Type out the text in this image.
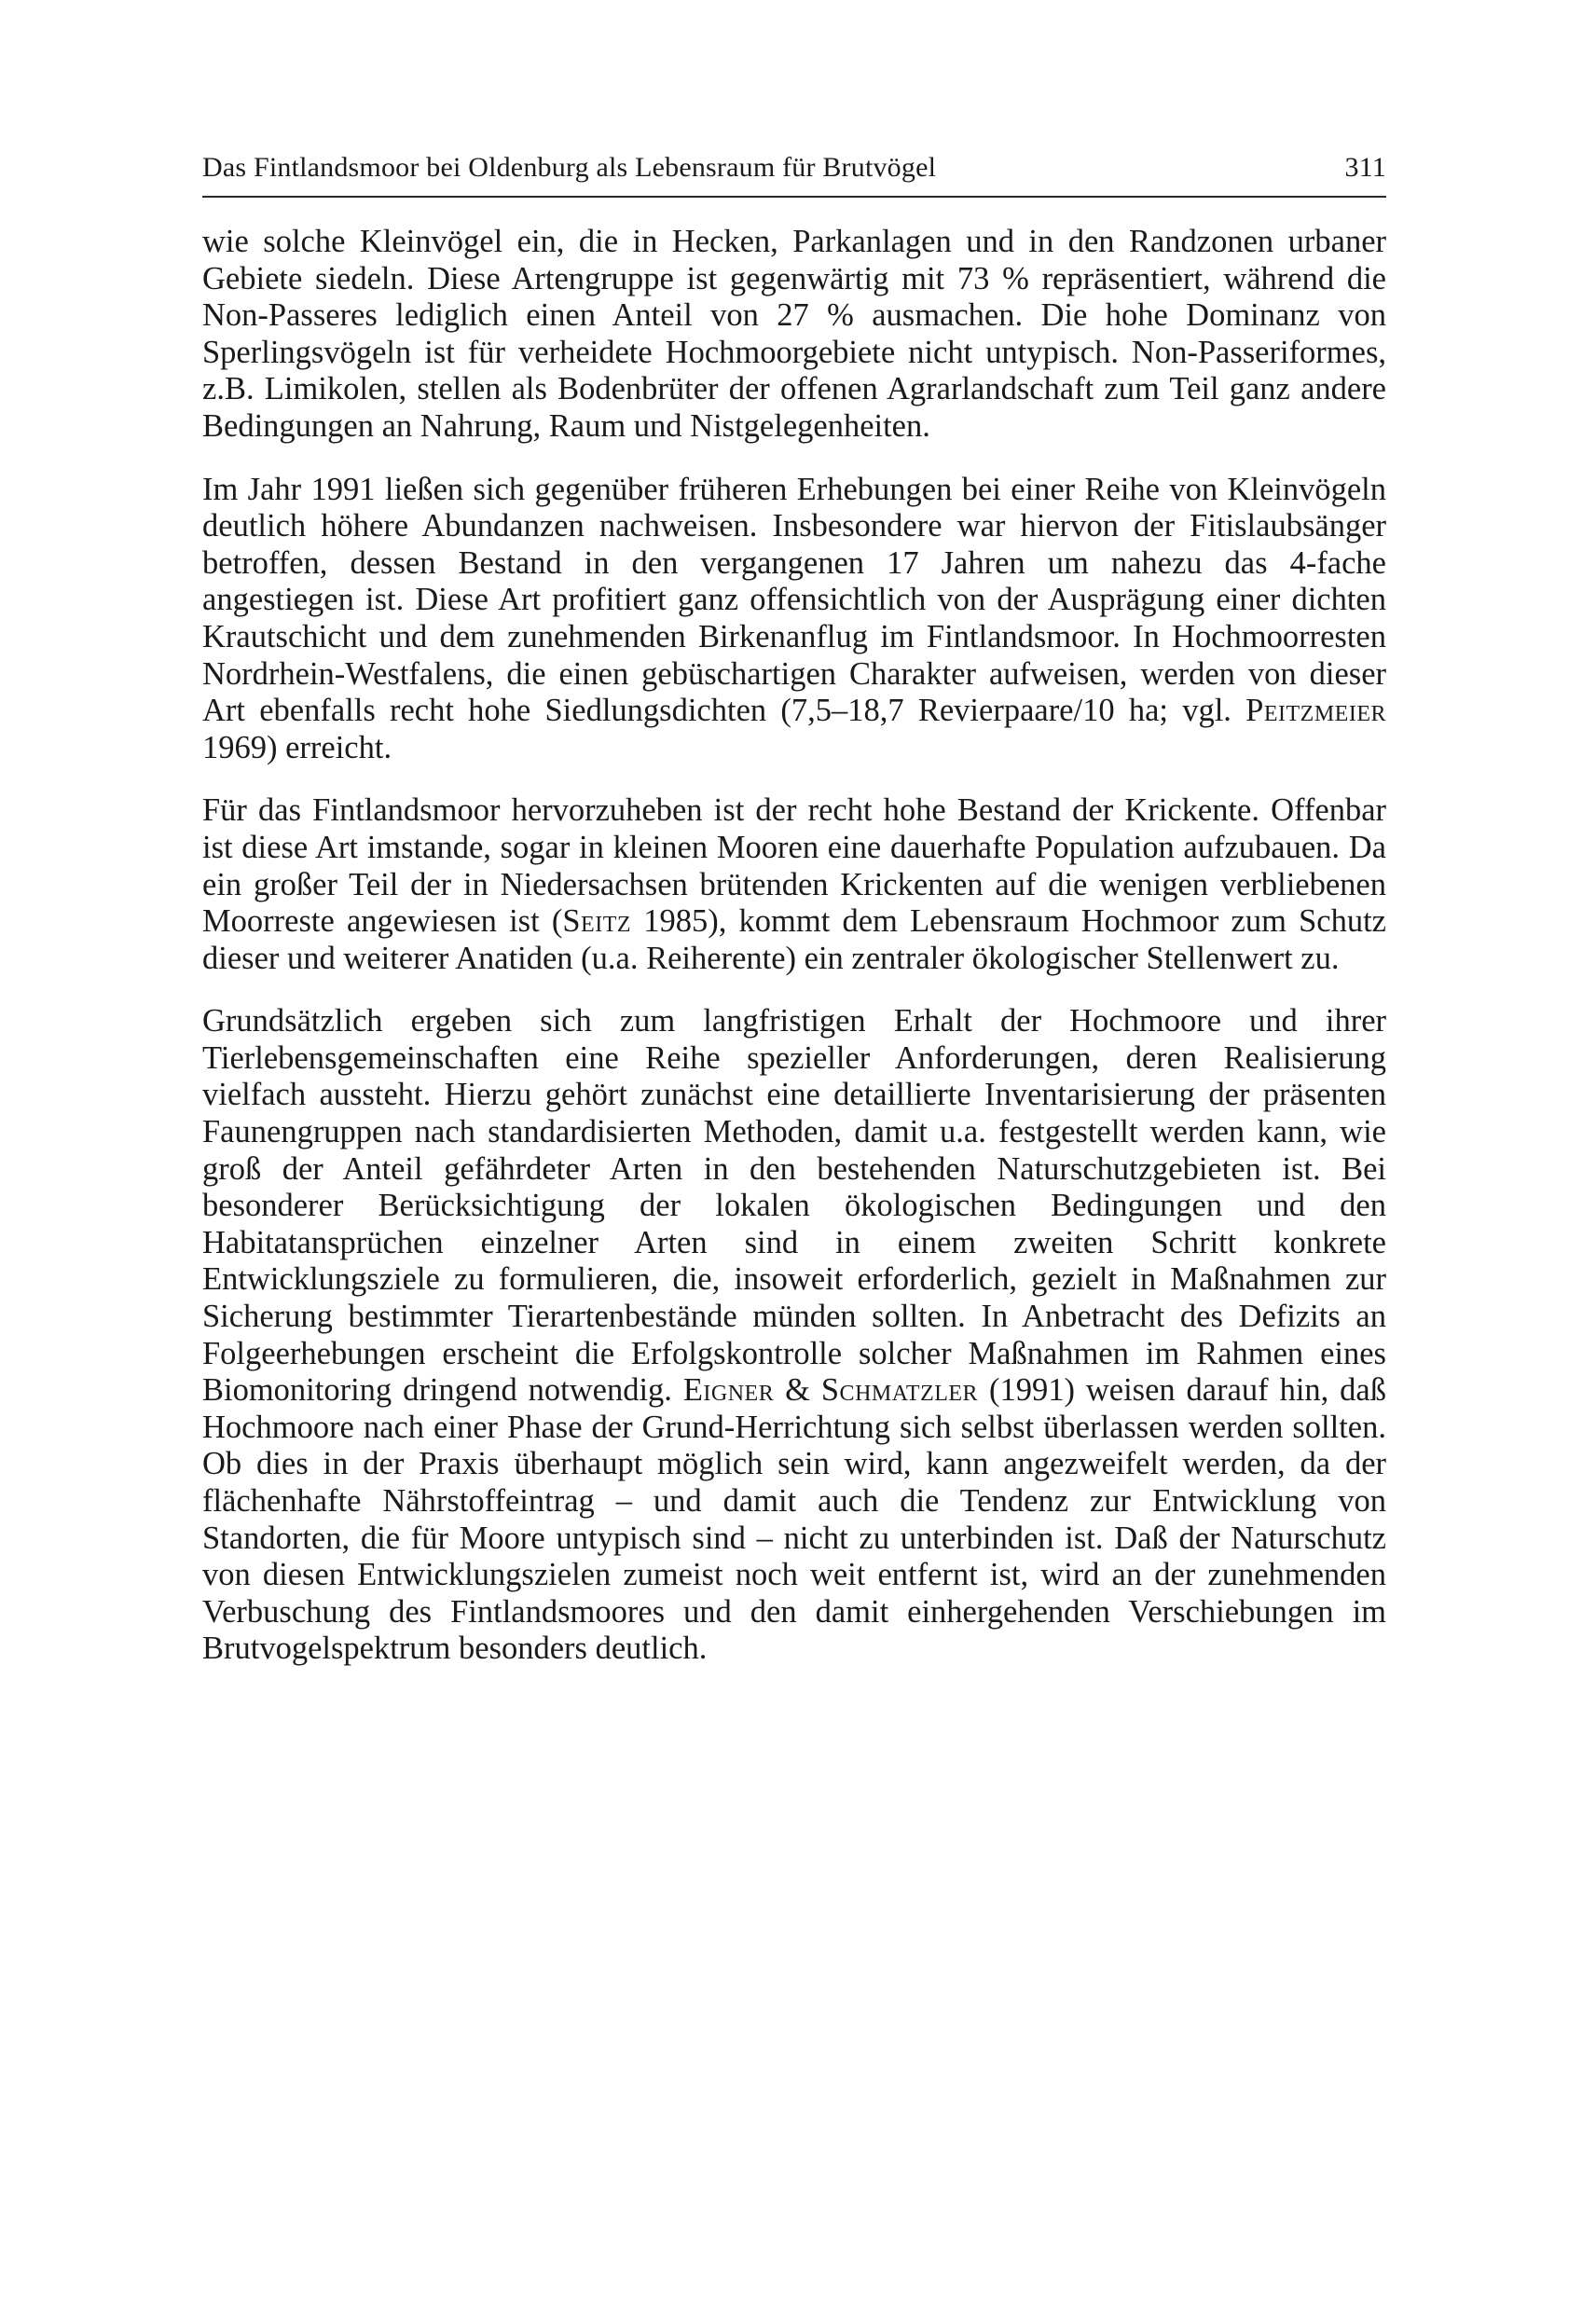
Das Fintlandsmoor bei Oldenburg als Lebensraum für Brutvögel	311

wie solche Kleinvögel ein, die in Hecken, Parkanlagen und in den Randzonen urbaner Gebiete siedeln. Diese Artengruppe ist gegenwärtig mit 73 % repräsentiert, während die Non-Passeres lediglich einen Anteil von 27 % ausmachen. Die hohe Dominanz von Sperlingsvögeln ist für verheidete Hochmoorgebiete nicht untypisch. Non-Passeriformes, z.B. Limikolen, stellen als Bodenbrüter der offenen Agrarlandschaft zum Teil ganz andere Bedingungen an Nahrung, Raum und Nistgelegenheiten.

Im Jahr 1991 ließen sich gegenüber früheren Erhebungen bei einer Reihe von Kleinvögeln deutlich höhere Abundanzen nachweisen. Insbesondere war hiervon der Fitislaubsänger betroffen, dessen Bestand in den vergangenen 17 Jahren um nahezu das 4-fache angestiegen ist. Diese Art profitiert ganz offensichtlich von der Ausprägung einer dichten Krautschicht und dem zunehmenden Birkenanflug im Fintlandsmoor. In Hochmoorresten Nordrhein-Westfalens, die einen gebüschartigen Charakter aufweisen, werden von dieser Art ebenfalls recht hohe Siedlungsdichten (7,5–18,7 Revierpaare/10 ha; vgl. Peitzmeier 1969) erreicht.

Für das Fintlandsmoor hervorzuheben ist der recht hohe Bestand der Krickente. Offenbar ist diese Art imstande, sogar in kleinen Mooren eine dauerhafte Population aufzubauen. Da ein großer Teil der in Niedersachsen brütenden Krickenten auf die wenigen verbliebenen Moorreste angewiesen ist (Seitz 1985), kommt dem Lebensraum Hochmoor zum Schutz dieser und weiterer Anatiden (u.a. Reiherente) ein zentraler ökologischer Stellenwert zu.

Grundsätzlich ergeben sich zum langfristigen Erhalt der Hochmoore und ihrer Tierlebensgemeinschaften eine Reihe spezieller Anforderungen, deren Realisierung vielfach aussteht. Hierzu gehört zunächst eine detaillierte Inventarisierung der präsenten Faunengruppen nach standardisierten Methoden, damit u.a. festgestellt werden kann, wie groß der Anteil gefährdeter Arten in den bestehenden Naturschutzgebieten ist. Bei besonderer Berücksichtigung der lokalen ökologischen Bedingungen und den Habitatansprüchen einzelner Arten sind in einem zweiten Schritt konkrete Entwicklungsziele zu formulieren, die, insoweit erforderlich, gezielt in Maßnahmen zur Sicherung bestimmter Tierartenbestände münden sollten. In Anbetracht des Defizits an Folgeerhebungen erscheint die Erfolgskontrolle solcher Maßnahmen im Rahmen eines Biomonitoring dringend notwendig. Eigner & Schmatzler (1991) weisen darauf hin, daß Hochmoore nach einer Phase der Grund-Herrichtung sich selbst überlassen werden sollten. Ob dies in der Praxis überhaupt möglich sein wird, kann angezweifelt werden, da der flächenhafte Nährstoffeintrag – und damit auch die Tendenz zur Entwicklung von Standorten, die für Moore untypisch sind – nicht zu unterbinden ist. Daß der Naturschutz von diesen Entwicklungszielen zumeist noch weit entfernt ist, wird an der zunehmenden Verbuschung des Fintlandsmoores und den damit einhergehenden Verschiebungen im Brutvogelspektrum besonders deutlich.
